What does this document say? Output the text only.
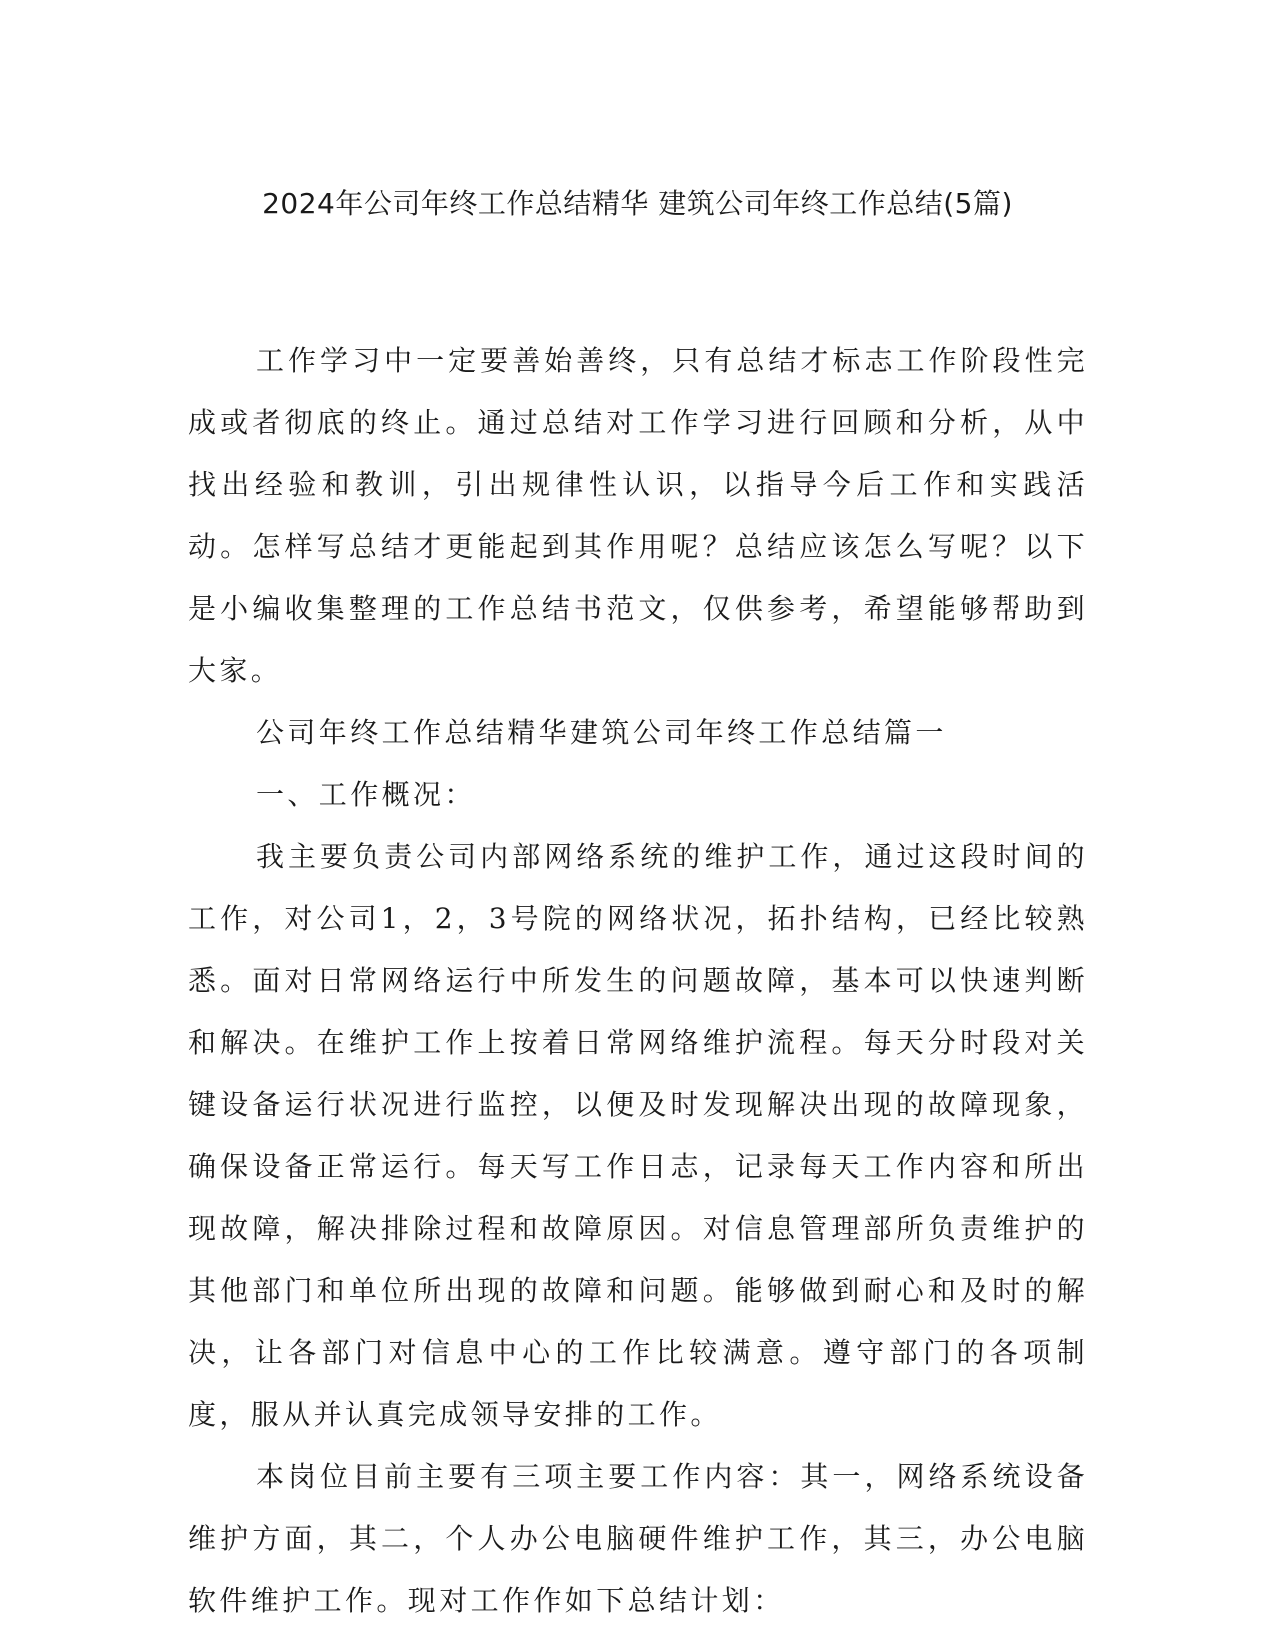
2024年公司年终工作总结精华 建筑公司年终工作总结(5篇)

工作学习中一定要善始善终，只有总结才标志工作阶段性完成或者彻底的终止。通过总结对工作学习进行回顾和分析，从中找出经验和教训，引出规律性认识，以指导今后工作和实践活动。怎样写总结才更能起到其作用呢？总结应该怎么写呢？以下是小编收集整理的工作总结书范文，仅供参考，希望能够帮助到大家。

公司年终工作总结精华建筑公司年终工作总结篇一

一、工作概况：

我主要负责公司内部网络系统的维护工作，通过这段时间的工作，对公司1，2，3号院的网络状况，拓扑结构，已经比较熟悉。面对日常网络运行中所发生的问题故障，基本可以快速判断和解决。在维护工作上按着日常网络维护流程。每天分时段对关键设备运行状况进行监控，以便及时发现解决出现的故障现象，确保设备正常运行。每天写工作日志，记录每天工作内容和所出现故障，解决排除过程和故障原因。对信息管理部所负责维护的其他部门和单位所出现的故障和问题。能够做到耐心和及时的解决，让各部门对信息中心的工作比较满意。遵守部门的各项制度，服从并认真完成领导安排的工作。

本岗位目前主要有三项主要工作内容：其一，网络系统设备维护方面，其二，个人办公电脑硬件维护工作，其三，办公电脑软件维护工作。现对工作作如下总结计划：
